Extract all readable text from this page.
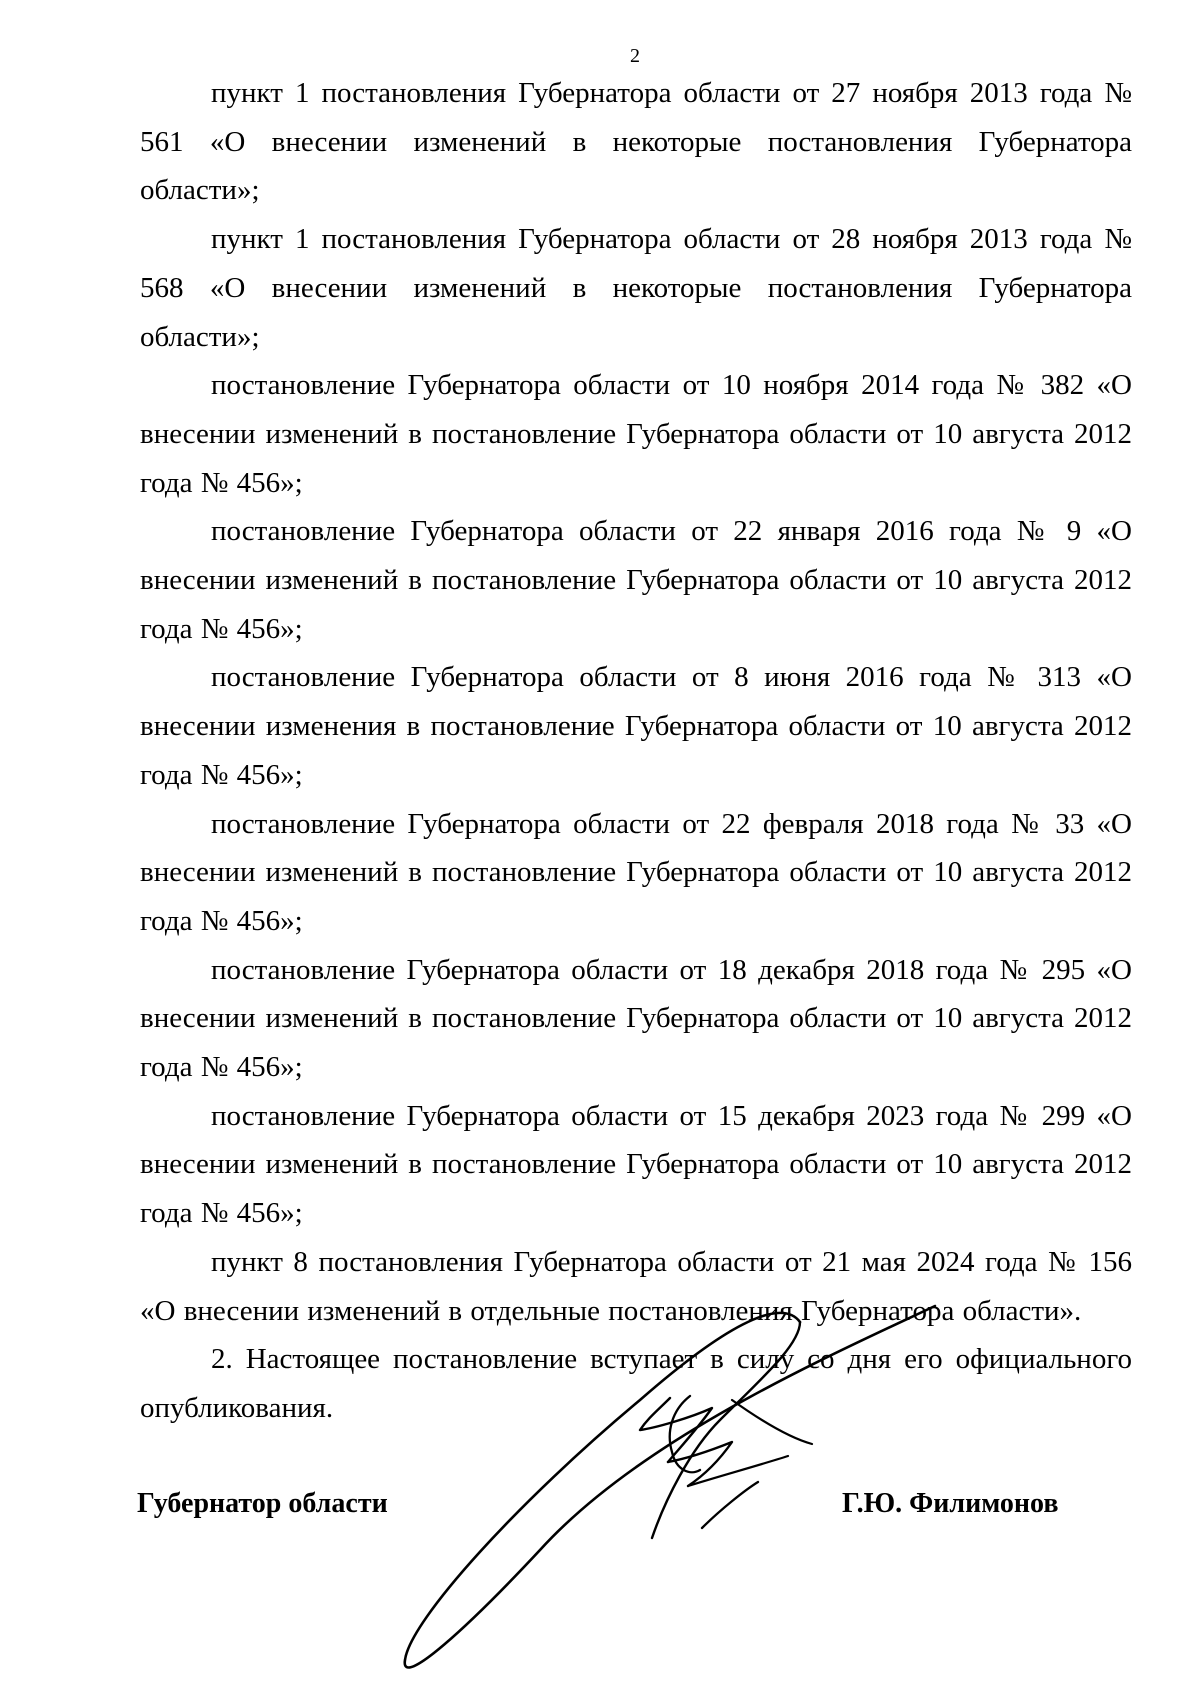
2

пункт 1 постановления Губернатора области от 27 ноября 2013 года № 561 «О внесении изменений в некоторые постановления Губернатора области»;

пункт 1 постановления Губернатора области от 28 ноября 2013 года № 568 «О внесении изменений в некоторые постановления Губернатора области»;

постановление Губернатора области от 10 ноября 2014 года № 382 «О внесении изменений в постановление Губернатора области от 10 августа 2012 года № 456»;

постановление Губернатора области от 22 января 2016 года № 9 «О внесении изменений в постановление Губернатора области от 10 августа 2012 года № 456»;

постановление Губернатора области от 8 июня 2016 года № 313 «О внесении изменения в постановление Губернатора области от 10 августа 2012 года № 456»;

постановление Губернатора области от 22 февраля 2018 года № 33 «О внесении изменений в постановление Губернатора области от 10 августа 2012 года № 456»;

постановление Губернатора области от 18 декабря 2018 года № 295 «О внесении изменений в постановление Губернатора области от 10 августа 2012 года № 456»;

постановление Губернатора области от 15 декабря 2023 года № 299 «О внесении изменений в постановление Губернатора области от 10 августа 2012 года № 456»;

пункт 8 постановления Губернатора области от 21 мая 2024 года № 156 «О внесении изменений в отдельные постановления Губернатора области».

2. Настоящее постановление вступает в силу со дня его официального опубликования.

Губернатор области	Г.Ю. Филимонов
